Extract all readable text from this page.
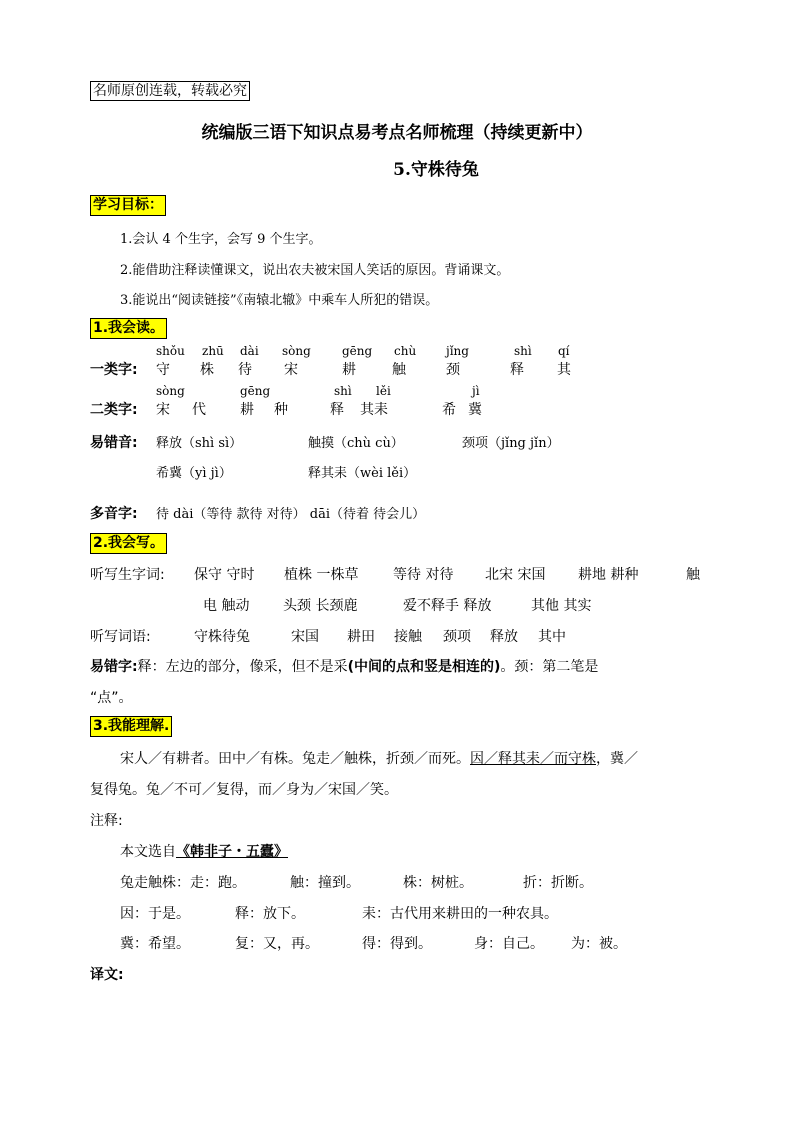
名师原创连载，转载必究
统编版三语下知识点易考点名师梳理（持续更新中）
5.守株待兔
学习目标：
1.会认 4 个生字，会写 9 个生字。
2.能借助注释读懂课文，说出农夫被宋国人笑话的原因。背诵课文。
3.能说出“阅读链接”《南辕北辙》中乘车人所犯的错误。
1.我会读。
shǒu zhū dài sòng	gēng chù jǐng	shì qí
一类字: 守 株 待 宋	耕	触	颈	释 其
sòng	gēng	shì lěi	jì
二类字: 宋 代 耕 种	释 其耒	希 冀
易错音: 释放（shì sì）	触摸（chù cù）	颈项（jǐng jǐn）
希冀（yì jì）	释其耒（wèi lěi）
多音字: 待 dài（等待 款待 对待） dāi（待着 待会儿）
2.我会写。
听写生字词: 保守 守时 植株 一株草 等待 对待 北宋 宋国 耕地 耕种	触
电 触动 头颈 长颈鹿	爱不释手 释放	其他 其实
听写词语:	守株待兔	宋国 耕田 接触 颈项 释放 其中
易错字:释：左边的部分，像采，但不是采(中间的点和竖是相连的)。颈：第二笔是
“点”。
3.我能理解.
宋人／有耕者。田中／有株。兔走／触株，折颈／而死。因／释其耒／而守株，冀／
复得兔。兔／不可／复得，而／身为／宋国／笑。
注释:
本文选自《韩非子・五蠹》
兔走触株：走：跑。	触：撞到。	株：树桩。	折：折断。
因：于是。	释：放下。	耒：古代用来耕田的一种农具。
冀：希望。	复：又，再。	得：得到。	身：自己。 为：被。
译文:
